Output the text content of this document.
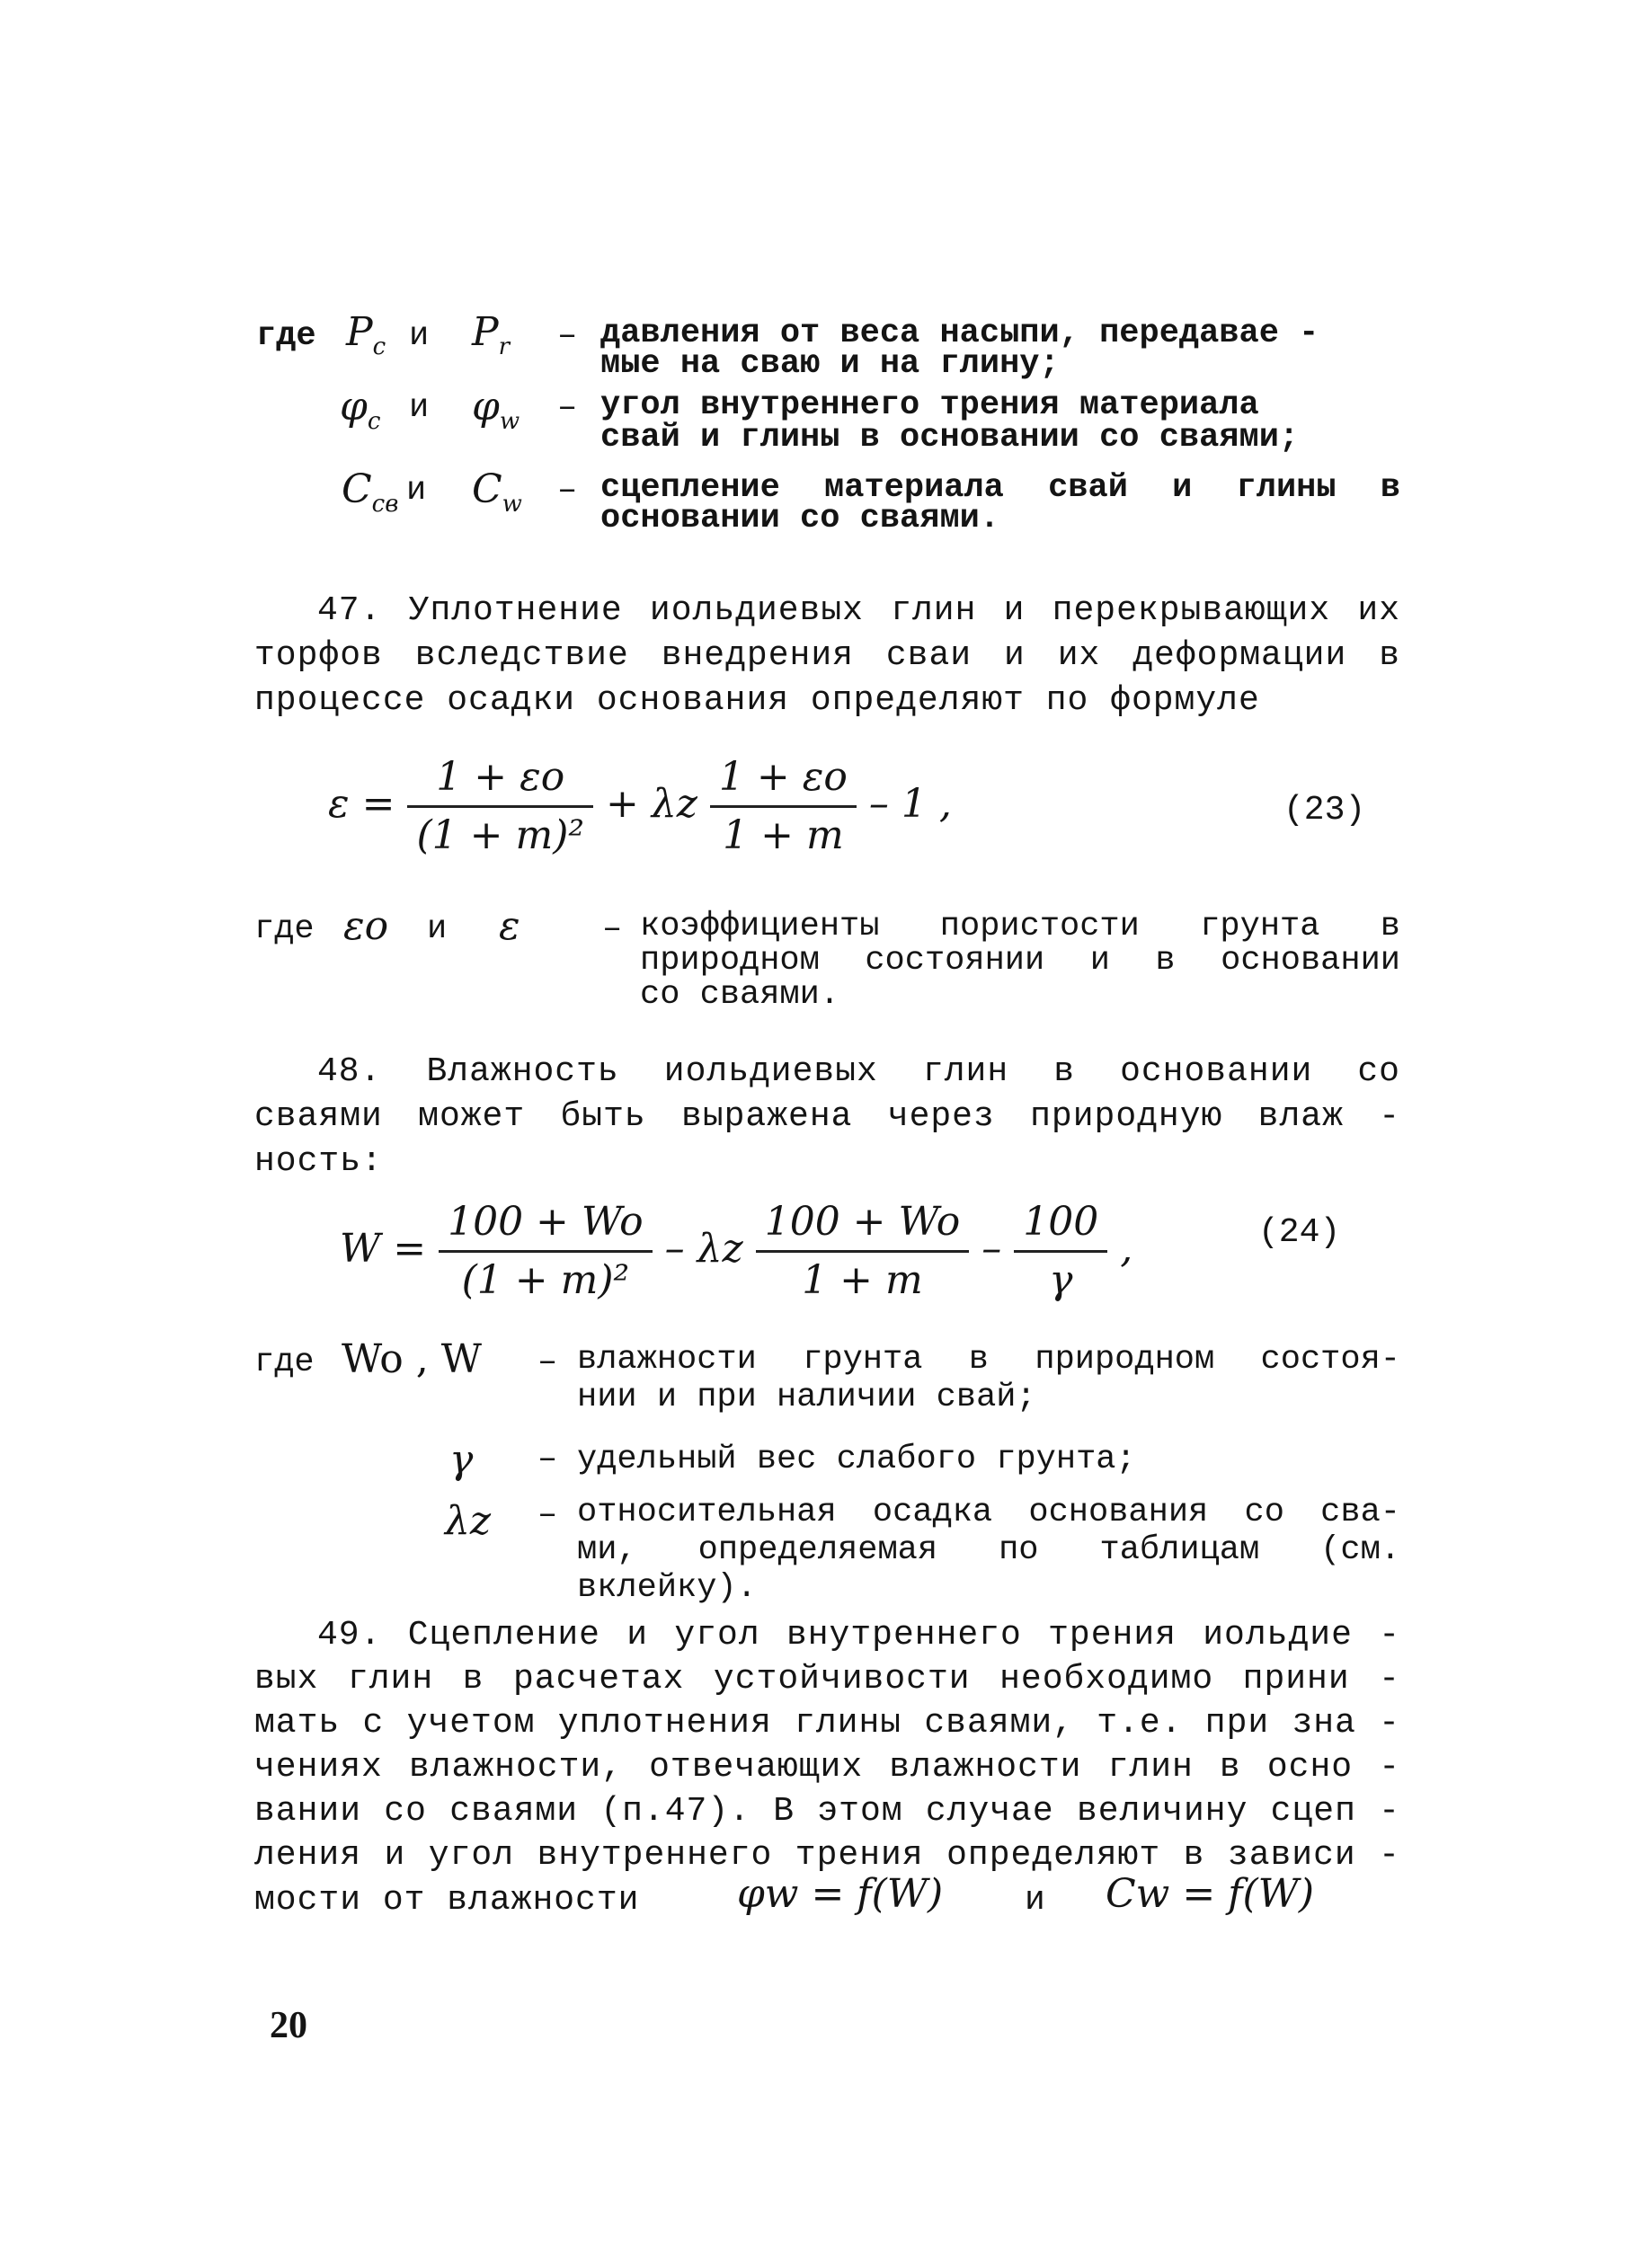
где $P_c$ и $P_r$ – давления от веса насыпи, передавае -
мые на сваю и на глину;
$\varphi_c$ и $\varphi_w$ – угол внутреннего трения материала
свай и глины в основании со сваями;
$C_{cв}$ и $C_w$ – сцепление материала свай и глины в
основании со сваями.
47. Уплотнение иольдиевых глин и перекрывающих их
торфов вследствие внедрения сваи и их деформации в
процессе осадки основания определяют по формуле
$\varepsilon = \frac{1 + \varepsilon o}{\text{(1 + m)²}} + \lambda z \frac{1 + \varepsilon o}{1 + m} - 1$ ,	(23)
где εo и ε – коэффициенты пористости грунта в
природном состоянии и в основании
со сваями.
48. Влажность иольдиевых глин в основании со
сваями может быть выражена через природную влаж -
ность:
$W = \frac{100 + Wo}{\text{(1 + m)²}} - \lambda z \frac{100 + Wo}{1 + m} - \frac{100}{\gamma}$ ,	(24)
где Wo , W – влажности грунта в природном состоя-
нии и при наличии свай;
γ – удельный вес слабого грунта;
λz – относительная осадка основания со сва-
ми, определяемая по таблицам (см.
вклейку).
49. Сцепление и угол внутреннего трения иольдие -
вых глин в расчетах устойчивости необходимо прини -
мать с учетом уплотнения глины сваями, т.е. при зна -
чениях влажности, отвечающих влажности глин в осно -
вании со сваями (п.47). В этом случае величину сцеп -
ления и угол внутреннего трения определяют в зависи -
мости от влажности φw = f(W) и Cw = f(W)
20
